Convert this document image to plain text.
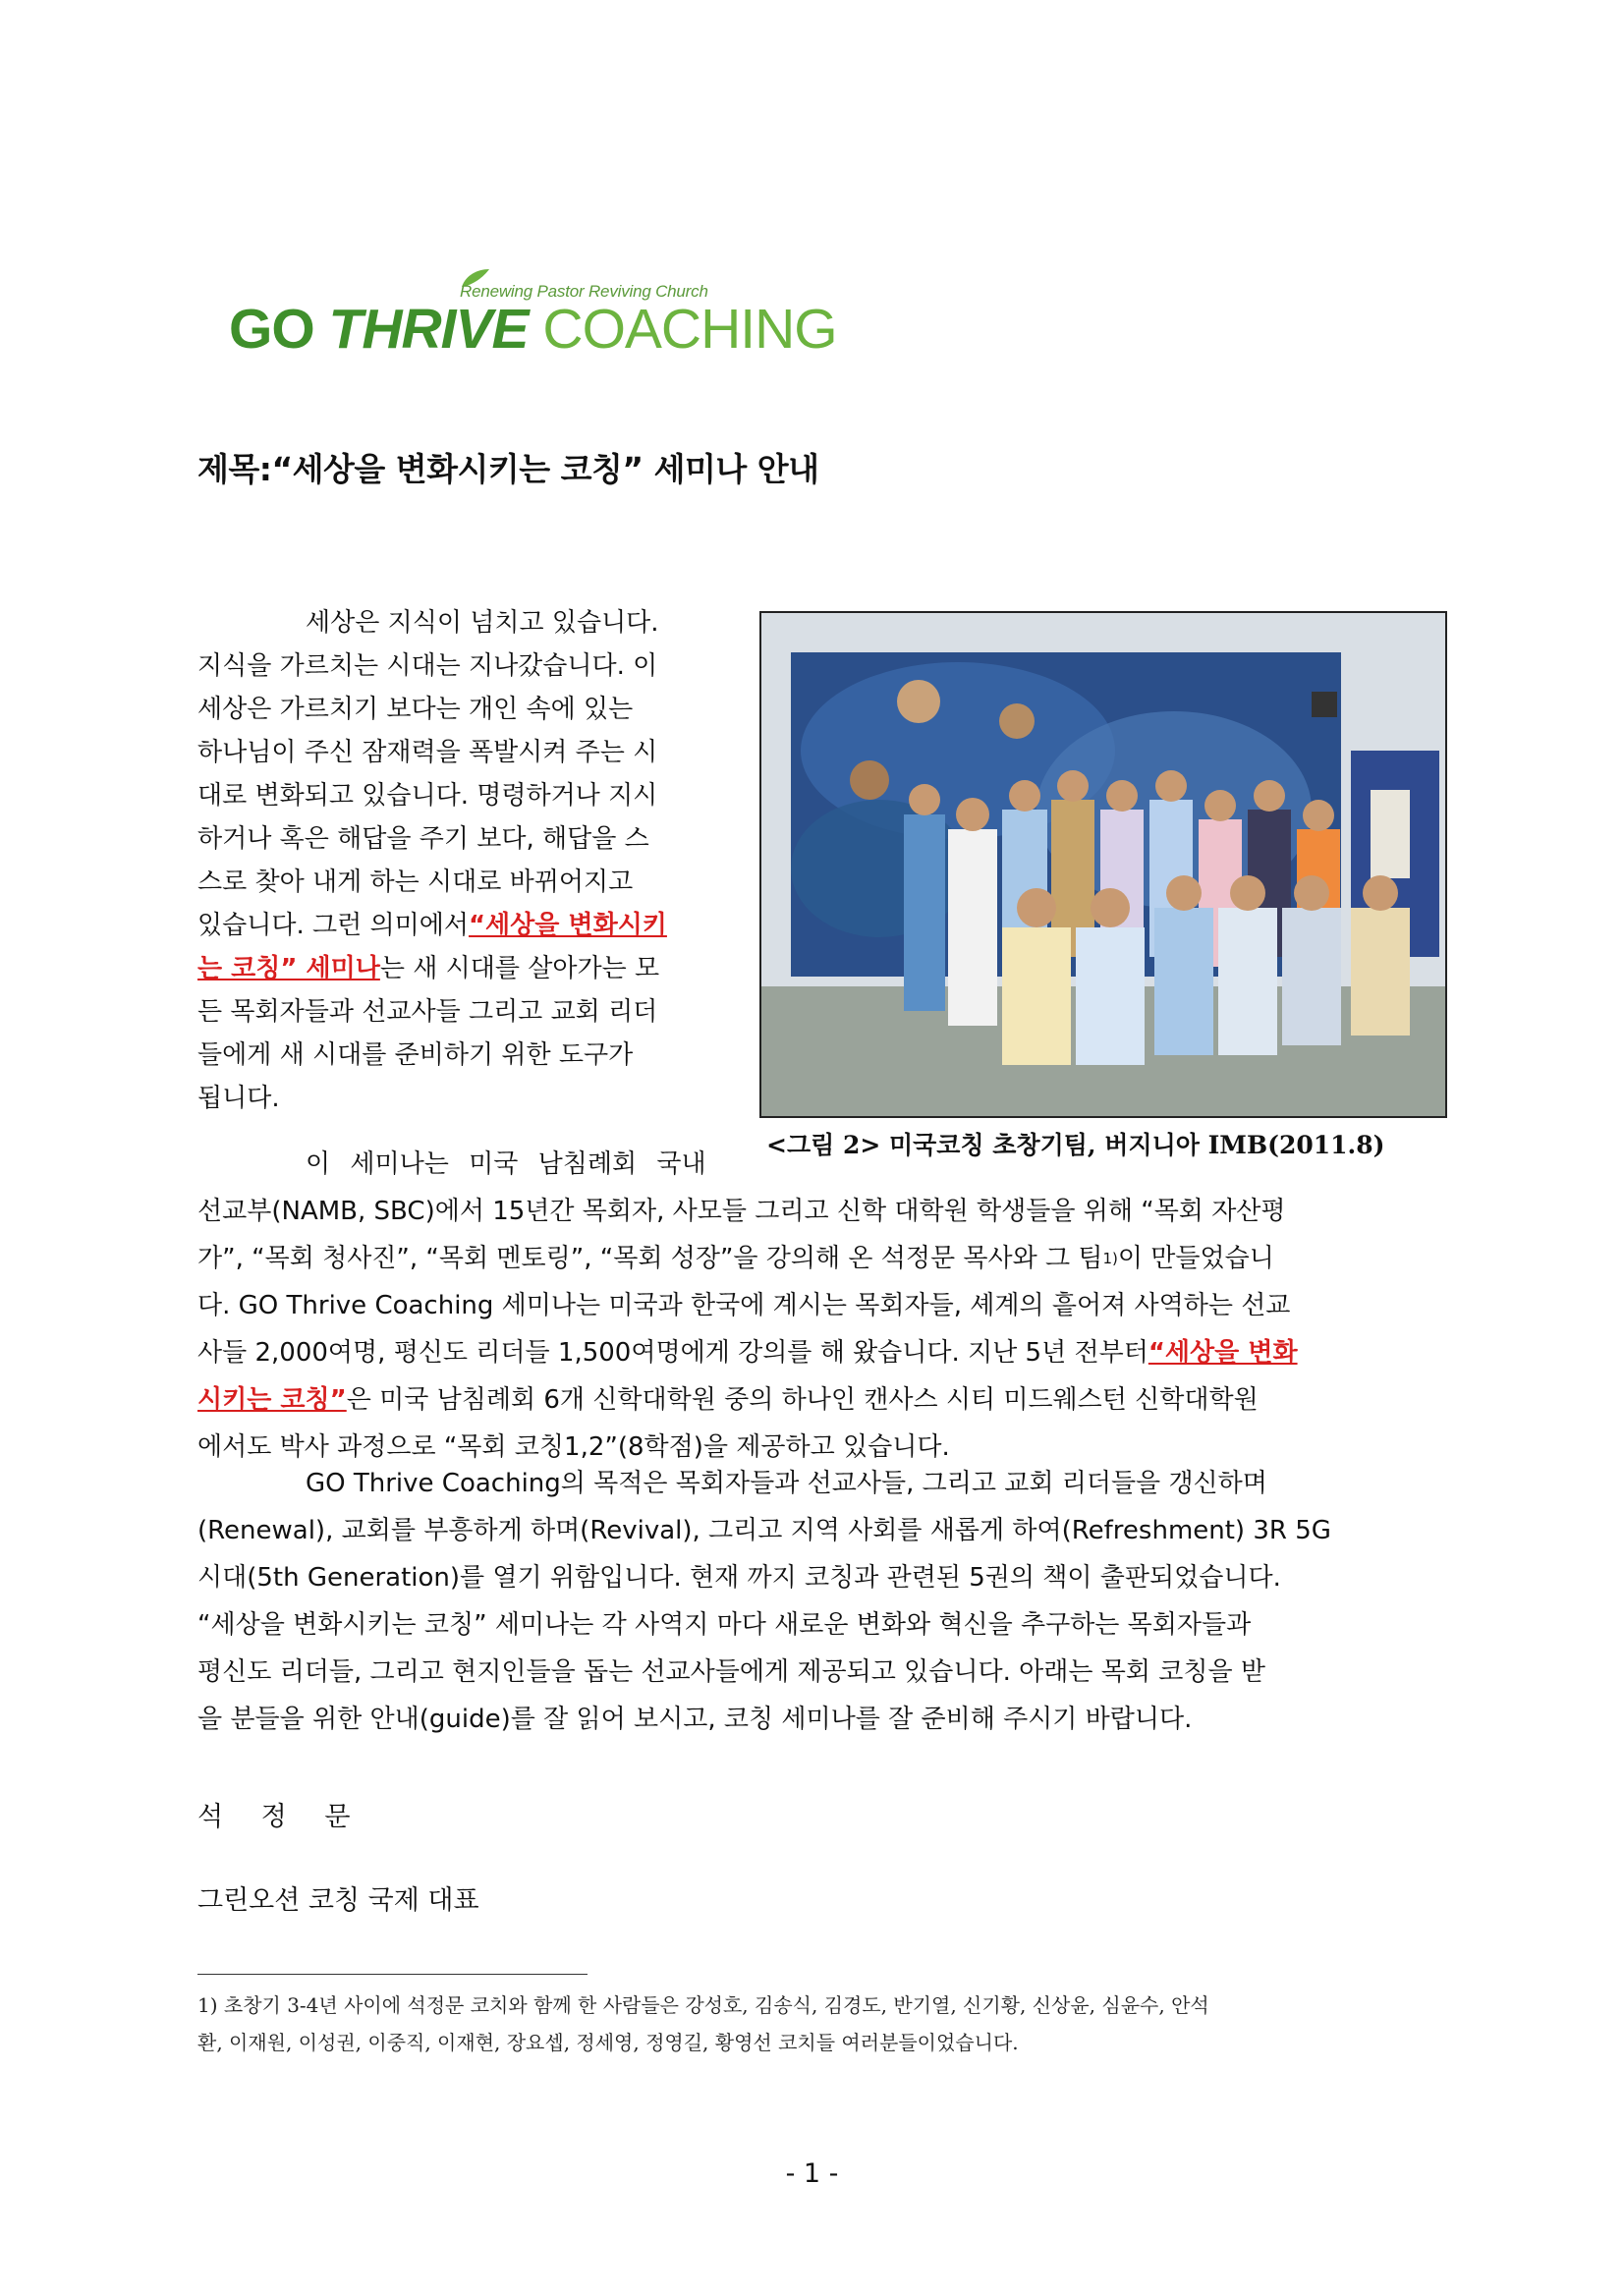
Renewing Pastor Reviving Church
GO THRIVE COACHING
제목:“세상을 변화시키는 코칭” 세미나 안내
세상은 지식이 넘치고 있습니다.
지식을 가르치는 시대는 지나갔습니다. 이
세상은 가르치기 보다는 개인 속에 있는
하나님이 주신 잠재력을 폭발시켜 주는 시
대로 변화되고 있습니다. 명령하거나 지시
하거나 혹은 해답을 주기 보다, 해답을 스
스로 찾아 내게 하는 시대로 바뀌어지고
있습니다. 그런 의미에서 “세상을 변화시키
는 코칭” 세미나 는 새 시대를 살아가는 모
든 목회자들과 선교사들 그리고 교회 리더
들에게 새 시대를 준비하기 위한 도구가
됩니다.
<그림 2> 미국코칭 초창기팀, 버지니아 IMB(2011.8)
이 세미나는 미국 남침례회 국내
선교부(NAMB, SBC)에서 15년간 목회자, 사모들 그리고 신학 대학원 학생들을 위해 “목회 자산평
가”, “목회 청사진”, “목회 멘토링”, “목회 성장”을 강의해 온 석정문 목사와 그 팀 1) 이 만들었습니
다. GO Thrive Coaching 세미나는 미국과 한국에 계시는 목회자들, 셰계의 흩어져 사역하는 선교
사들 2,000여명, 평신도 리더들 1,500여명에게 강의를 해 왔습니다. 지난 5년 전부터 “세상을 변화
시키는 코칭” 은 미국 남침례회 6개 신학대학원 중의 하나인 캔사스 시티 미드웨스턴 신학대학원
에서도 박사 과정으로 “목회 코칭1,2”(8학점)을 제공하고 있습니다.
GO Thrive Coaching의 목적은 목회자들과 선교사들, 그리고 교회 리더들을 갱신하며
(Renewal), 교회를 부흥하게 하며(Revival), 그리고 지역 사회를 새롭게 하여(Refreshment) 3R 5G
시대(5th Generation)를 열기 위함입니다. 현재 까지 코칭과 관련된 5권의 책이 출판되었습니다.
“세상을 변화시키는 코칭” 세미나는 각 사역지 마다 새로운 변화와 혁신을 추구하는 목회자들과
평신도 리더들, 그리고 현지인들을 돕는 선교사들에게 제공되고 있습니다. 아래는 목회 코칭을 받
을 분들을 위한 안내(guide)를 잘 읽어 보시고, 코칭 세미나를 잘 준비해 주시기 바랍니다.
석 정 문
그린오션 코칭 국제 대표
1) 초창기 3-4년 사이에 석정문 코치와 함께 한 사람들은 강성호, 김송식, 김경도, 반기열, 신기황, 신상윤, 심윤수, 안석
환, 이재원, 이성권, 이중직, 이재현, 장요셉, 정세영, 정영길, 황영선 코치들 여러분들이었습니다.
- 1 -
